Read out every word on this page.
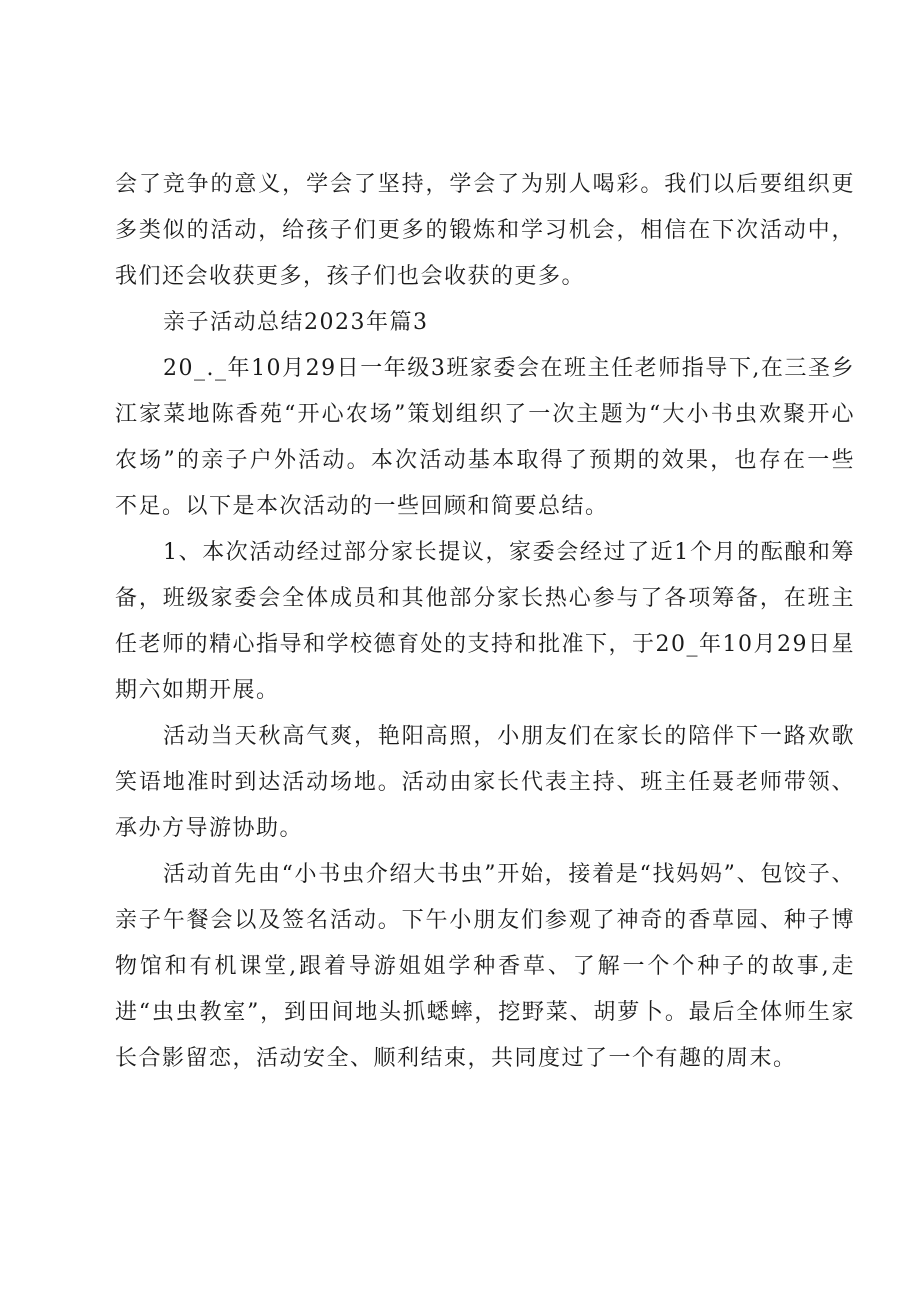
会了竞争的意义，学会了坚持，学会了为别人喝彩。我们以后要组织更多类似的活动，给孩子们更多的锻炼和学习机会，相信在下次活动中，我们还会收获更多，孩子们也会收获的更多。

亲子活动总结2023年篇3

20_._年10月29日一年级3班家委会在班主任老师指导下,在三圣乡江家菜地陈香苑“开心农场”策划组织了一次主题为“大小书虫欢聚开心农场”的亲子户外活动。本次活动基本取得了预期的效果，也存在一些不足。以下是本次活动的一些回顾和简要总结。

1、本次活动经过部分家长提议，家委会经过了近1个月的酝酿和筹备，班级家委会全体成员和其他部分家长热心参与了各项筹备，在班主任老师的精心指导和学校德育处的支持和批准下，于20_年10月29日星期六如期开展。

活动当天秋高气爽，艳阳高照，小朋友们在家长的陪伴下一路欢歌笑语地准时到达活动场地。活动由家长代表主持、班主任聂老师带领、承办方导游协助。

活动首先由“小书虫介绍大书虫”开始，接着是“找妈妈”、包饺子、亲子午餐会以及签名活动。下午小朋友们参观了神奇的香草园、种子博物馆和有机课堂,跟着导游姐姐学种香草、了解一个个种子的故事,走进“虫虫教室”，到田间地头抓蟋蟀，挖野菜、胡萝卜。最后全体师生家长合影留恋，活动安全、顺利结束，共同度过了一个有趣的周末。
